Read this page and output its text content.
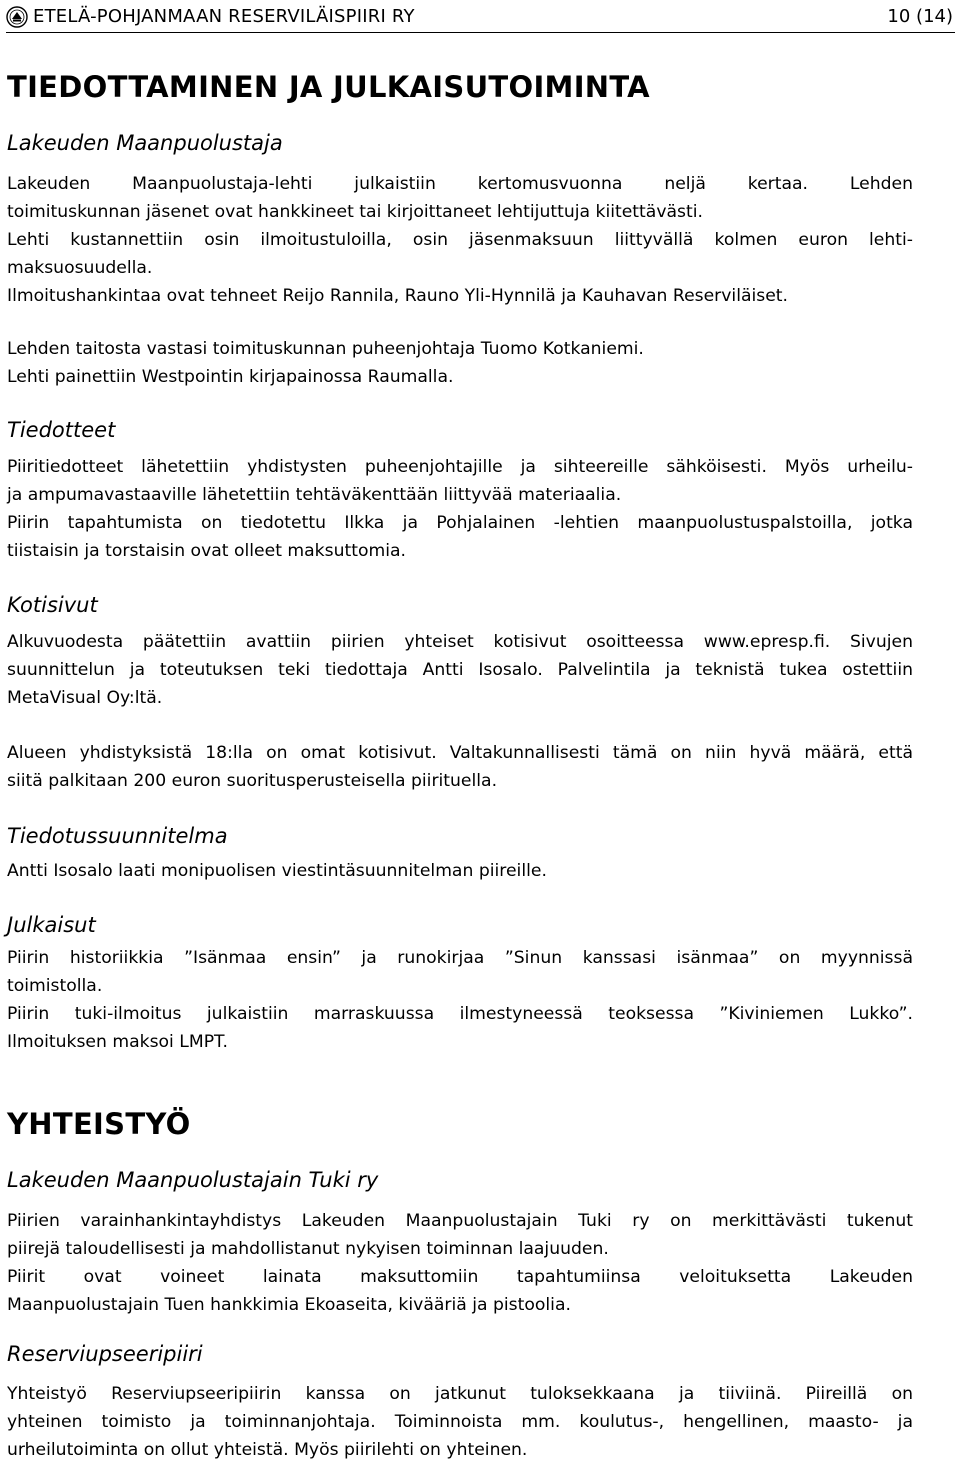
ETELÄ-POHJANMAAN RESERVILÄISPIIRI RY	10 (14)
TIEDOTTAMINEN JA JULKAISUTOIMINTA
Lakeuden Maanpuolustaja
Lakeuden Maanpuolustaja-lehti julkaistiin kertomusvuonna neljä kertaa. Lehden
toimituskunnan jäsenet ovat hankkineet tai kirjoittaneet lehtijuttuja kiitettävästi.
Lehti kustannettiin osin ilmoitustuloilla, osin jäsenmaksuun liittyvällä kolmen euron lehti-
maksuosuudella.
Ilmoitushankintaa ovat tehneet Reijo Rannila, Rauno Yli-Hynnilä ja Kauhavan Reserviläiset.
Lehden taitosta vastasi toimituskunnan puheenjohtaja Tuomo Kotkaniemi.
Lehti painettiin Westpointin kirjapainossa Raumalla.
Tiedotteet
Piiritiedotteet lähetettiin yhdistysten puheenjohtajille ja sihteereille sähköisesti. Myös urheilu-
ja ampumavastaaville lähetettiin tehtäväkenttään liittyvää materiaalia.
Piirin tapahtumista on tiedotettu Ilkka ja Pohjalainen -lehtien maanpuolustuspalstoilla, jotka
tiistaisin ja torstaisin ovat olleet maksuttomia.
Kotisivut
Alkuvuodesta päätettiin avattiin piirien yhteiset kotisivut osoitteessa www.epresp.fi. Sivujen
suunnittelun ja toteutuksen teki tiedottaja Antti Isosalo. Palvelintila ja teknistä tukea ostettiin
MetaVisual Oy:ltä.
Alueen yhdistyksistä 18:lla on omat kotisivut. Valtakunnallisesti tämä on niin hyvä määrä, että
siitä palkitaan 200 euron suoritusperusteisella piirituella.
Tiedotussuunnitelma
Antti Isosalo laati monipuolisen viestintäsuunnitelman piireille.
Julkaisut
Piirin historiikkia ”Isänmaa ensin” ja runokirjaa ”Sinun kanssasi isänmaa” on myynnissä
toimistolla.
Piirin tuki-ilmoitus julkaistiin marraskuussa ilmestyneessä teoksessa ”Kiviniemen Lukko”.
Ilmoituksen maksoi LMPT.
YHTEISTYÖ
Lakeuden Maanpuolustajain Tuki ry
Piirien varainhankintayhdistys Lakeuden Maanpuolustajain Tuki ry on merkittävästi tukenut
piirejä taloudellisesti ja mahdollistanut nykyisen toiminnan laajuuden.
Piirit ovat voineet lainata maksuttomiin tapahtumiinsa veloituksetta Lakeuden
Maanpuolustajain Tuen hankkimia Ekoaseita, kivääriä ja pistoolia.
Reserviupseeripiiri
Yhteistyö Reserviupseeripiirin kanssa on jatkunut tuloksekkaana ja tiiviinä. Piireillä on
yhteinen toimisto ja toiminnanjohtaja. Toiminnoista mm. koulutus-, hengellinen, maasto- ja
urheilutoiminta on ollut yhteistä. Myös piirilehti on yhteinen.
